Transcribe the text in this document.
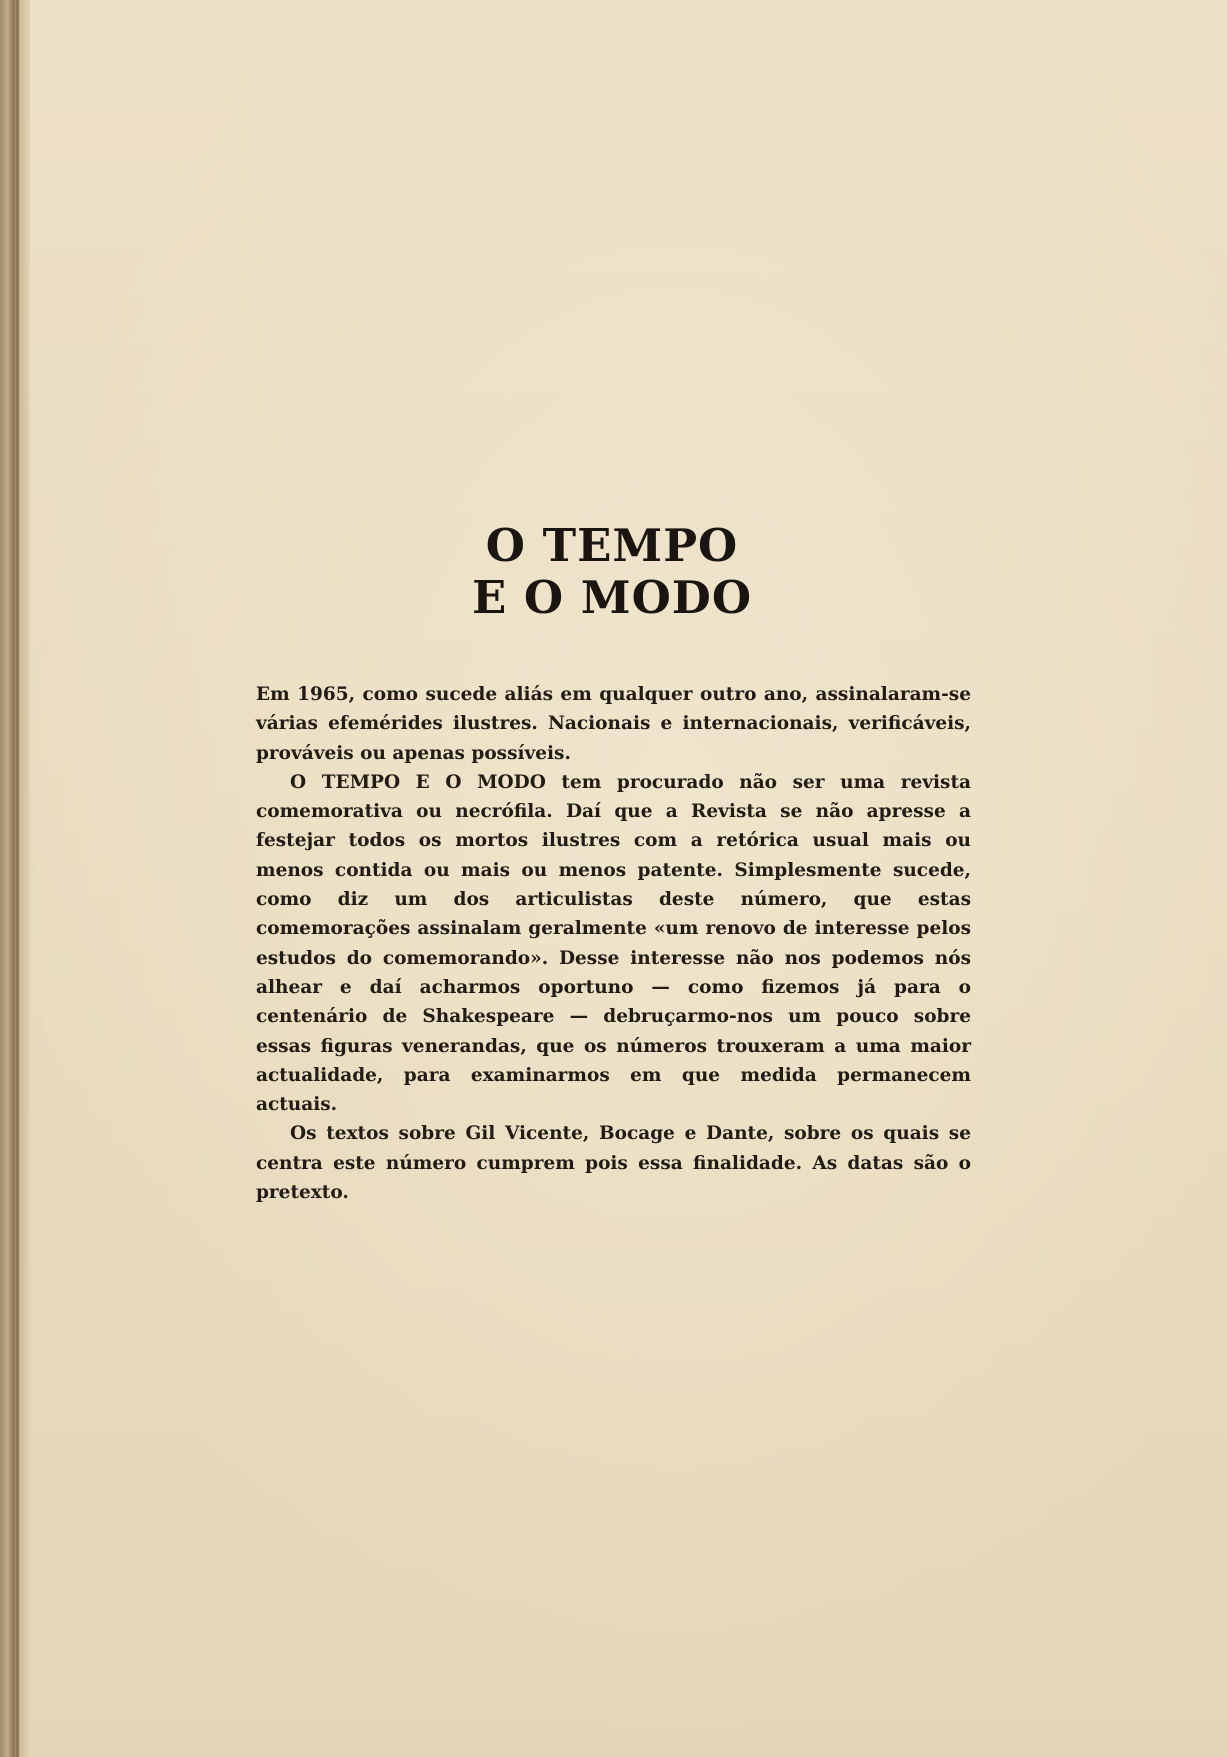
O TEMPO
E O MODO

Em 1965, como sucede aliás em qualquer outro ano, assinalaram-se várias efemérides ilustres. Nacionais e internacionais, verificáveis, prováveis ou apenas possíveis.

O TEMPO E O MODO tem procurado não ser uma revista comemorativa ou necrófila. Daí que a Revista se não apresse a festejar todos os mortos ilustres com a retórica usual mais ou menos contida ou mais ou menos patente. Simplesmente sucede, como diz um dos articulistas deste número, que estas comemorações assinalam geralmente «um renovo de interesse pelos estudos do comemorando». Desse interesse não nos podemos nós alhear e daí acharmos oportuno — como fizemos já para o centenário de Shakespeare — debruçarmo-nos um pouco sobre essas figuras venerandas, que os números trouxeram a uma maior actualidade, para examinarmos em que medida permanecem actuais.

Os textos sobre Gil Vicente, Bocage e Dante, sobre os quais se centra este número cumprem pois essa finalidade. As datas são o pretexto.
